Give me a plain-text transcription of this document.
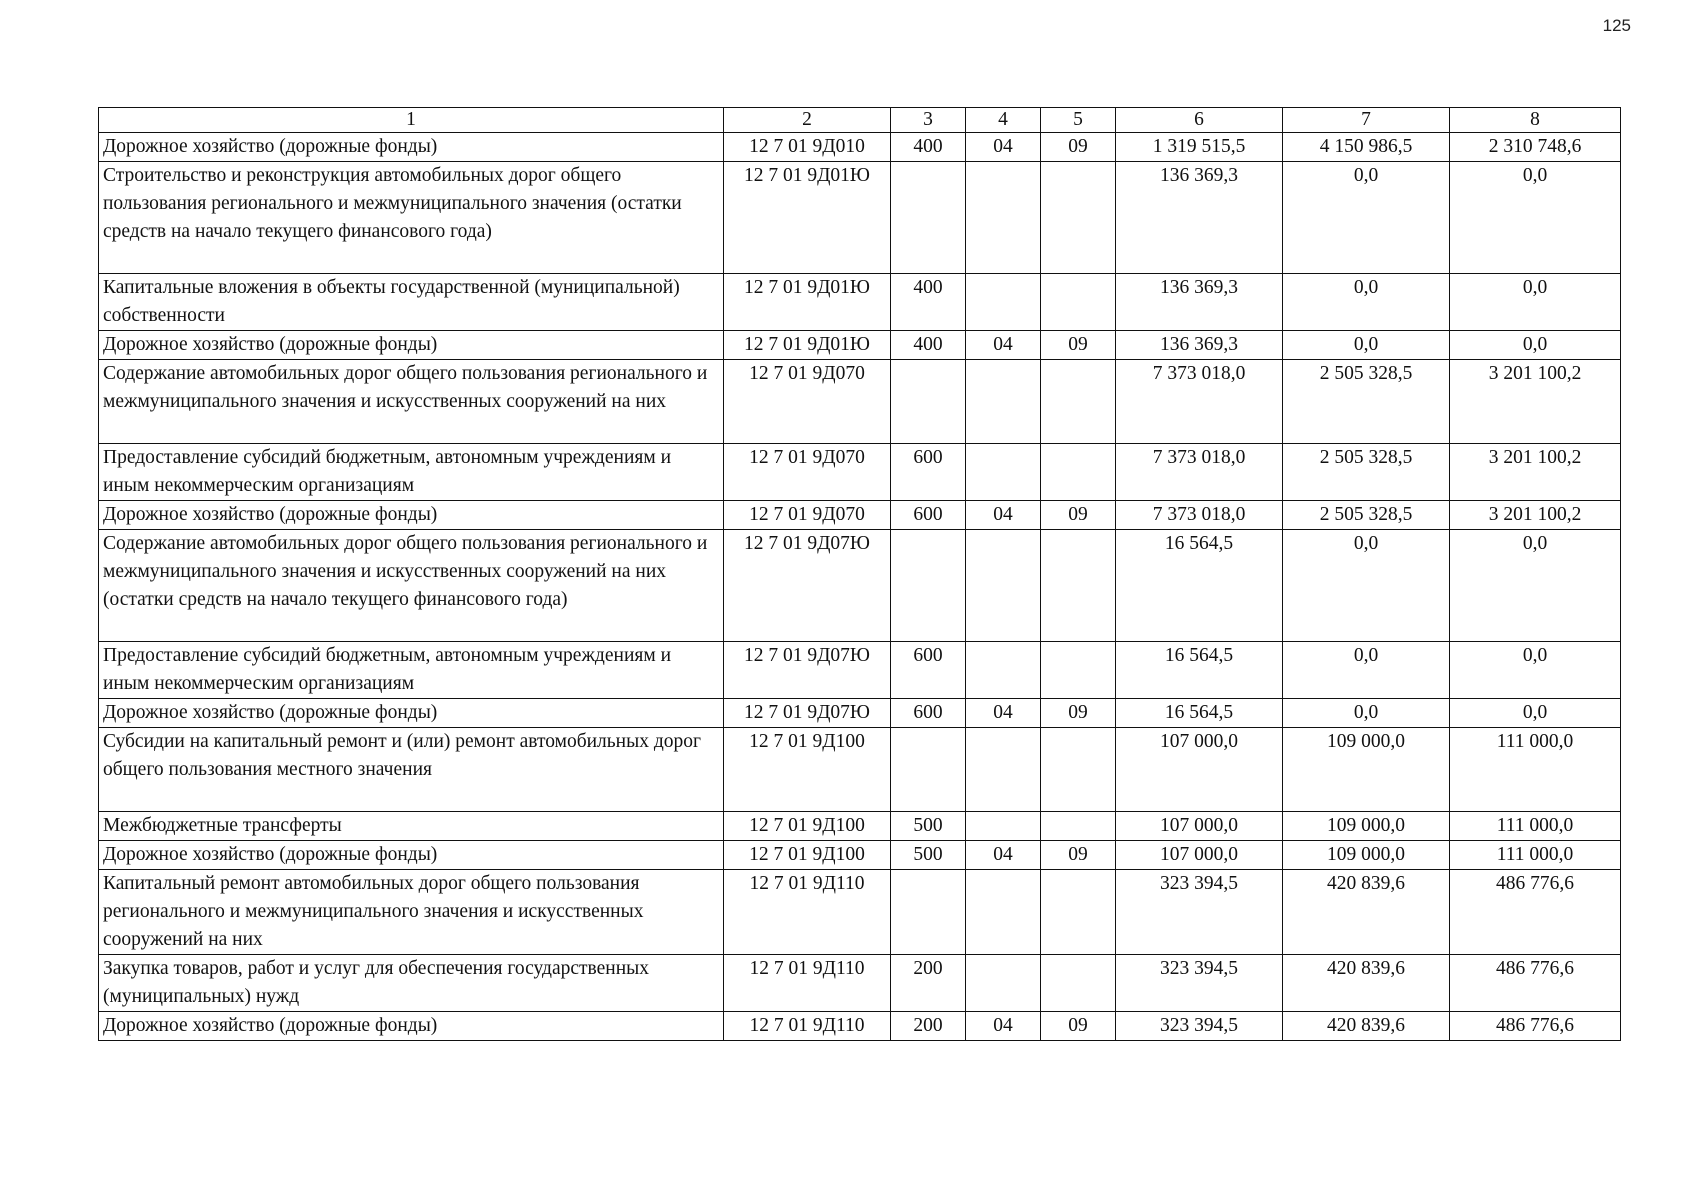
125
1	2	3	4	5	6	7	8
Дорожное хозяйство (дорожные фонды)	12 7 01 9Д010	400	04	09	1 319 515,5	4 150 986,5	2 310 748,6
Строительство и реконструкция автомобильных дорог общего пользования регионального и межмуниципального значения (остатки средств на начало текущего финансового года)	12 7 01 9Д01Ю				136 369,3	0,0	0,0
Капитальные вложения в объекты государственной (муниципальной) собственности	12 7 01 9Д01Ю	400			136 369,3	0,0	0,0
Дорожное хозяйство (дорожные фонды)	12 7 01 9Д01Ю	400	04	09	136 369,3	0,0	0,0
Содержание автомобильных дорог общего пользования регионального и межмуниципального значения и искусственных сооружений на них	12 7 01 9Д070				7 373 018,0	2 505 328,5	3 201 100,2
Предоставление субсидий бюджетным, автономным учреждениям и иным некоммерческим организациям	12 7 01 9Д070	600			7 373 018,0	2 505 328,5	3 201 100,2
Дорожное хозяйство (дорожные фонды)	12 7 01 9Д070	600	04	09	7 373 018,0	2 505 328,5	3 201 100,2
Содержание автомобильных дорог общего пользования регионального и межмуниципального значения и искусственных сооружений на них (остатки средств на начало текущего финансового года)	12 7 01 9Д07Ю				16 564,5	0,0	0,0
Предоставление субсидий бюджетным, автономным учреждениям и иным некоммерческим организациям	12 7 01 9Д07Ю	600			16 564,5	0,0	0,0
Дорожное хозяйство (дорожные фонды)	12 7 01 9Д07Ю	600	04	09	16 564,5	0,0	0,0
Субсидии на капитальный ремонт и (или) ремонт автомобильных дорог общего пользования местного значения	12 7 01 9Д100				107 000,0	109 000,0	111 000,0
Межбюджетные трансферты	12 7 01 9Д100	500			107 000,0	109 000,0	111 000,0
Дорожное хозяйство (дорожные фонды)	12 7 01 9Д100	500	04	09	107 000,0	109 000,0	111 000,0
Капитальный ремонт автомобильных дорог общего пользования регионального и межмуниципального значения и искусственных сооружений на них	12 7 01 9Д110				323 394,5	420 839,6	486 776,6
Закупка товаров, работ и услуг для обеспечения государственных (муниципальных) нужд	12 7 01 9Д110	200			323 394,5	420 839,6	486 776,6
Дорожное хозяйство (дорожные фонды)	12 7 01 9Д110	200	04	09	323 394,5	420 839,6	486 776,6
